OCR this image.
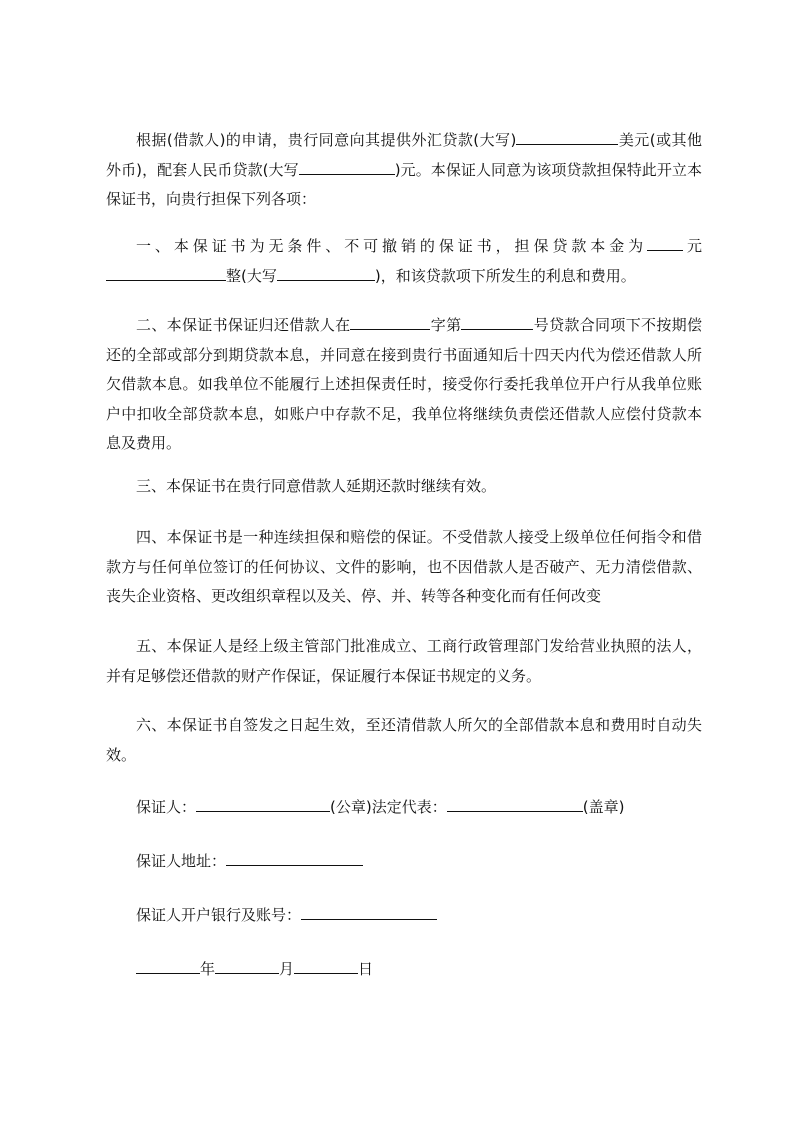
根据(借款人)的申请，贵行同意向其提供外汇贷款(大写)	美元(或其他外币)，配套人民币贷款(大写	)元。本保证人同意为该项贷款担保特此开立本保证书，向贵行担保下列各项：

一、本保证书为无条件、不可撤销的保证书，担保贷款本金为 元整(大写	)，和该贷款项下所发生的利息和费用。

二、本保证书保证归还借款人在	字第	号贷款合同项下不按期偿还的全部或部分到期贷款本息，并同意在接到贵行书面通知后十四天内代为偿还借款人所欠借款本息。如我单位不能履行上述担保责任时，接受你行委托我单位开户行从我单位账户中扣收全部贷款本息，如账户中存款不足，我单位将继续负责偿还借款人应偿付贷款本息及费用。

三、本保证书在贵行同意借款人延期还款时继续有效。

四、本保证书是一种连续担保和赔偿的保证。不受借款人接受上级单位任何指令和借款方与任何单位签订的任何协议、文件的影响，也不因借款人是否破产、无力清偿借款、丧失企业资格、更改组织章程以及关、停、并、转等各种变化而有任何改变

五、本保证人是经上级主管部门批准成立、工商行政管理部门发给营业执照的法人，并有足够偿还借款的财产作保证，保证履行本保证书规定的义务。

六、本保证书自签发之日起生效，至还清借款人所欠的全部借款本息和费用时自动失效。

保证人：	(公章)法定代表：	(盖章)
保证人地址：
保证人开户银行及账号：
年	月	日
